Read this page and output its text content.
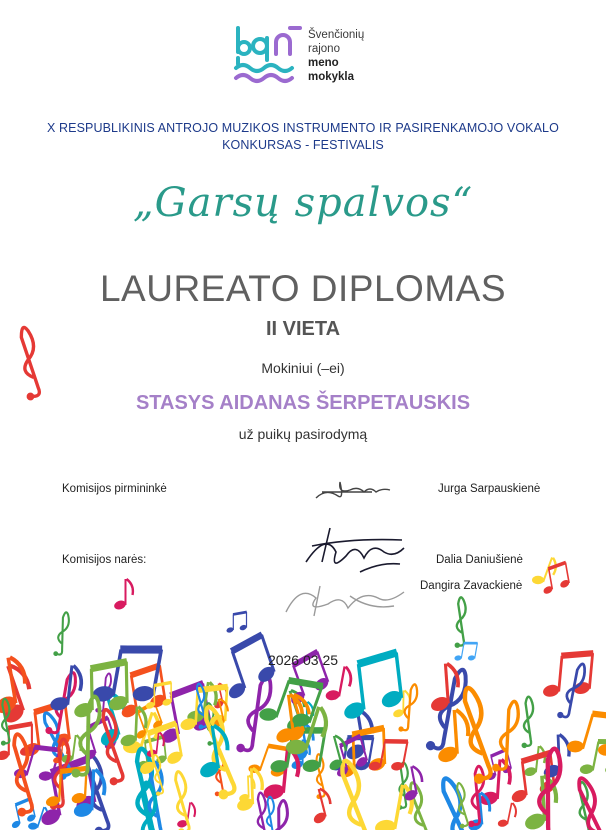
Švenčionių
rajono
meno
mokykla
X RESPUBLIKINIS ANTROJO MUZIKOS INSTRUMENTO IR PASIRENKAMOJO VOKALO
KONKURSAS - FESTIVALIS
„Garsų spalvos“
LAUREATO DIPLOMAS
II VIETA
Mokiniui (–ei)
STASYS AIDANAS ŠERPETAUSKIS
už puikų pasirodymą
Komisijos pirmininkė	Jurga Sarpauskienė
Komisijos narės:	Dalia Daniušienė
Dangira Zavackienė
2026 03 25
